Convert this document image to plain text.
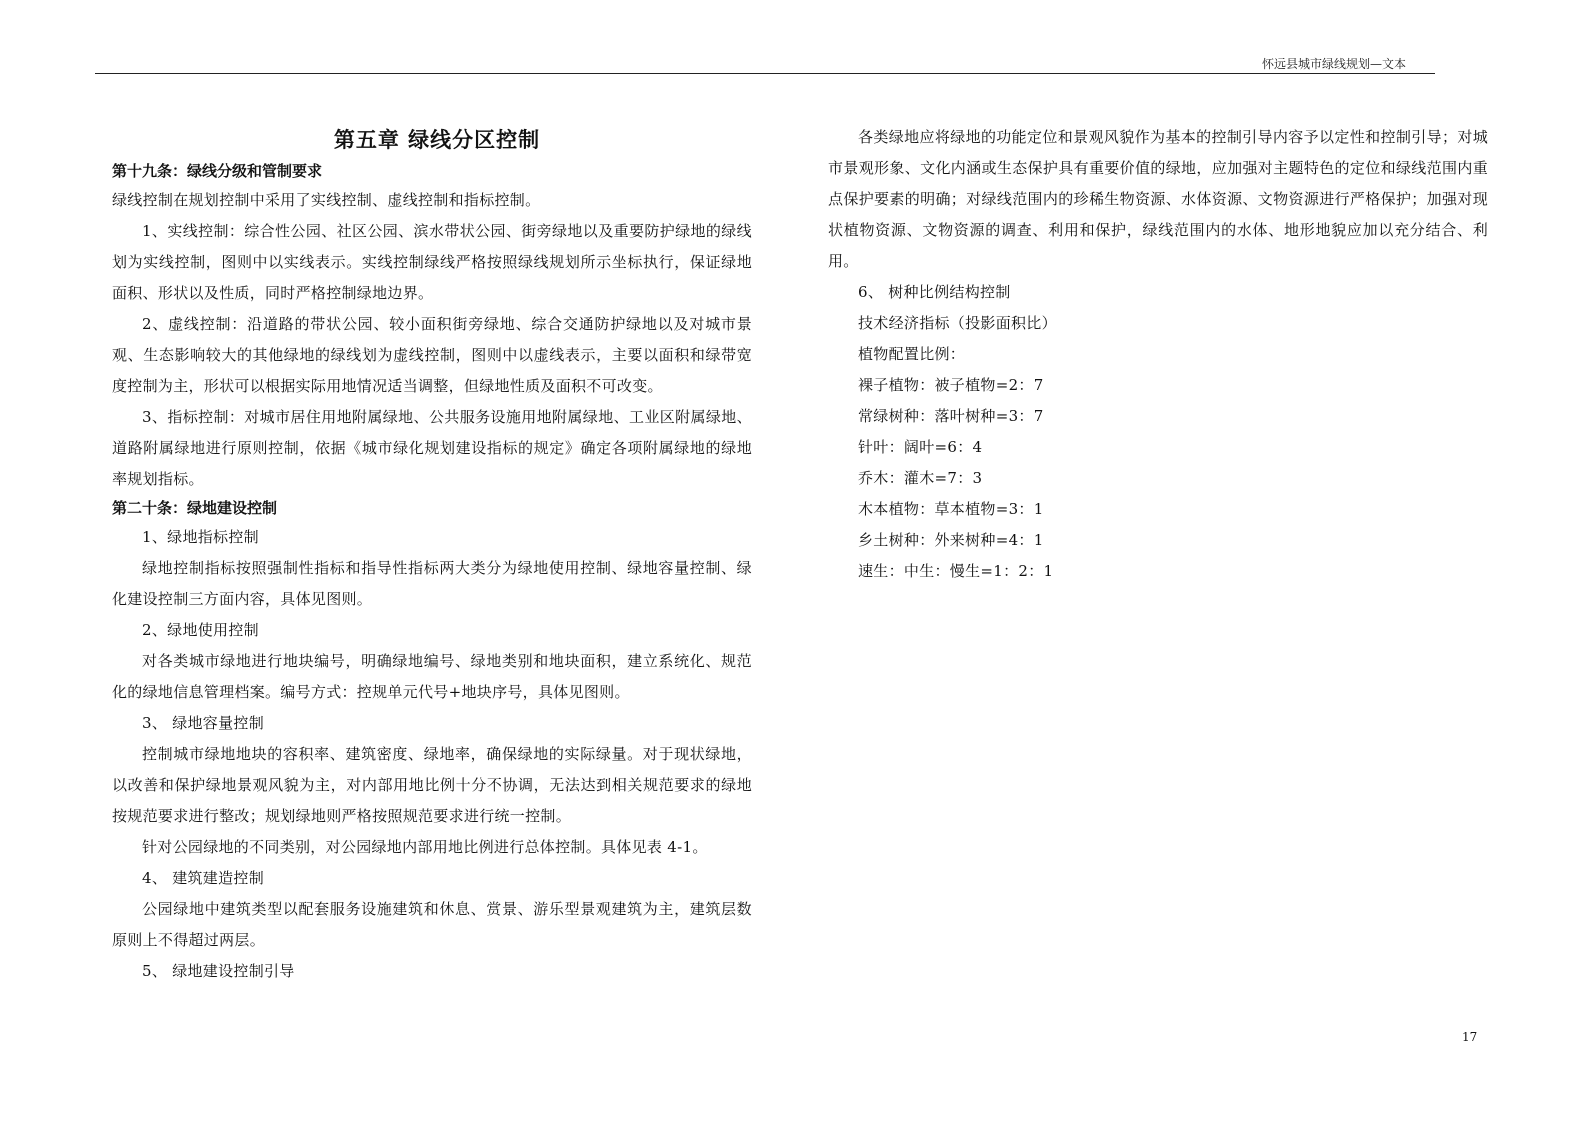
怀远县城市绿线规划—文本
第五章 绿线分区控制

第十九条：绿线分级和管制要求

绿线控制在规划控制中采用了实线控制、虚线控制和指标控制。

1、实线控制：综合性公园、社区公园、滨水带状公园、街旁绿地以及重要防护绿地的绿线划为实线控制，图则中以实线表示。实线控制绿线严格按照绿线规划所示坐标执行，保证绿地面积、形状以及性质，同时严格控制绿地边界。

2、虚线控制：沿道路的带状公园、较小面积街旁绿地、综合交通防护绿地以及对城市景观、生态影响较大的其他绿地的绿线划为虚线控制，图则中以虚线表示，主要以面积和绿带宽度控制为主，形状可以根据实际用地情况适当调整，但绿地性质及面积不可改变。

3、指标控制：对城市居住用地附属绿地、公共服务设施用地附属绿地、工业区附属绿地、道路附属绿地进行原则控制，依据《城市绿化规划建设指标的规定》确定各项附属绿地的绿地率规划指标。

第二十条：绿地建设控制

1、绿地指标控制

绿地控制指标按照强制性指标和指导性指标两大类分为绿地使用控制、绿地容量控制、绿化建设控制三方面内容，具体见图则。

2、绿地使用控制

对各类城市绿地进行地块编号，明确绿地编号、绿地类别和地块面积，建立系统化、规范化的绿地信息管理档案。编号方式：控规单元代号+地块序号，具体见图则。

3、 绿地容量控制

控制城市绿地地块的容积率、建筑密度、绿地率，确保绿地的实际绿量。对于现状绿地，以改善和保护绿地景观风貌为主，对内部用地比例十分不协调，无法达到相关规范要求的绿地按规范要求进行整改；规划绿地则严格按照规范要求进行统一控制。

针对公园绿地的不同类别，对公园绿地内部用地比例进行总体控制。具体见表 4-1。

4、 建筑建造控制

公园绿地中建筑类型以配套服务设施建筑和休息、赏景、游乐型景观建筑为主，建筑层数原则上不得超过两层。

5、 绿地建设控制引导

各类绿地应将绿地的功能定位和景观风貌作为基本的控制引导内容予以定性和控制引导；对城市景观形象、文化内涵或生态保护具有重要价值的绿地，应加强对主题特色的定位和绿线范围内重点保护要素的明确；对绿线范围内的珍稀生物资源、水体资源、文物资源进行严格保护；加强对现状植物资源、文物资源的调查、利用和保护，绿线范围内的水体、地形地貌应加以充分结合、利用。

6、 树种比例结构控制

技术经济指标（投影面积比）

植物配置比例：

裸子植物：被子植物=2：7

常绿树种：落叶树种=3：7

针叶：阔叶=6：4

乔木：灌木=7：3

木本植物：草本植物=3：1

乡土树种：外来树种=4：1

速生：中生：慢生=1：2：1

17
